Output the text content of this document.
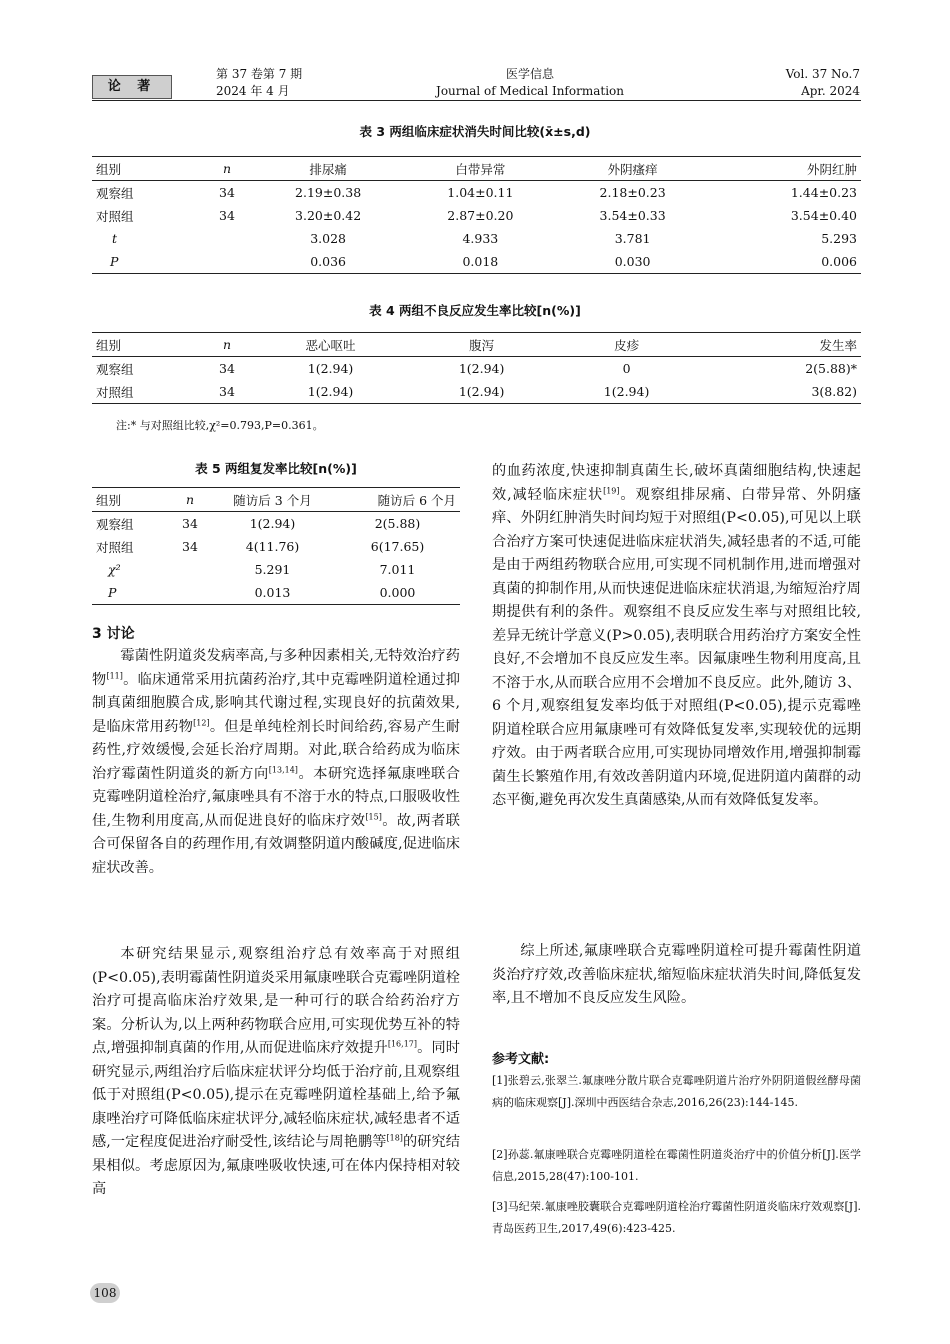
论 著
第 37 卷第 7 期
2024 年 4 月
医学信息
Journal of Medical Information
Vol. 37 No.7
Apr. 2024
表 3 两组临床症状消失时间比较(x̄±s,d)
组别	n	排尿痛	白带异常	外阴瘙痒	外阴红肿
观察组	34	2.19±0.38	1.04±0.11	2.18±0.23	1.44±0.23
对照组	34	3.20±0.42	2.87±0.20	3.54±0.33	3.54±0.40
t		3.028	4.933	3.781	5.293
P		0.036	0.018	0.030	0.006
表 4 两组不良反应发生率比较[n(%)]
组别	n	恶心呕吐	腹泻	皮疹	发生率
观察组	34	1(2.94)	1(2.94)	0	2(5.88)*
对照组	34	1(2.94)	1(2.94)	1(2.94)	3(8.82)
注:* 与对照组比较,χ²=0.793,P=0.361。
表 5 两组复发率比较[n(%)]
组别	n	随访后 3 个月	随访后 6 个月
观察组	34	1(2.94)	2(5.88)
对照组	34	4(11.76)	6(17.65)
χ²		5.291	7.011
P		0.013	0.000
3 讨论

霉菌性阴道炎发病率高,与多种因素相关,无特效治疗药物[11]。临床通常采用抗菌药治疗,其中克霉唑阴道栓通过抑制真菌细胞膜合成,影响其代谢过程,实现良好的抗菌效果,是临床常用药物[12]。但是单纯栓剂长时间给药,容易产生耐药性,疗效缓慢,会延长治疗周期。对此,联合给药成为临床治疗霉菌性阴道炎的新方向[13,14]。本研究选择氟康唑联合克霉唑阴道栓治疗,氟康唑具有不溶于水的特点,口服吸收性佳,生物利用度高,从而促进良好的临床疗效[15]。故,两者联合可保留各自的药理作用,有效调整阴道内酸碱度,促进临床症状改善。

本研究结果显示,观察组治疗总有效率高于对照组(P<0.05),表明霉菌性阴道炎采用氟康唑联合克霉唑阴道栓治疗可提高临床治疗效果,是一种可行的联合给药治疗方案。分析认为,以上两种药物联合应用,可实现优势互补的特点,增强抑制真菌的作用,从而促进临床疗效提升[16,17]。同时研究显示,两组治疗后临床症状评分均低于治疗前,且观察组低于对照组(P<0.05),提示在克霉唑阴道栓基础上,给予氟康唑治疗可降低临床症状评分,减轻临床症状,减轻患者不适感,一定程度促进治疗耐受性,该结论与周艳鹏等[18]的研究结果相似。考虑原因为,氟康唑吸收快速,可在体内保持相对较高

的血药浓度,快速抑制真菌生长,破坏真菌细胞结构,快速起效,减轻临床症状[19]。观察组排尿痛、白带异常、外阴瘙痒、外阴红肿消失时间均短于对照组(P<0.05),可见以上联合治疗方案可快速促进临床症状消失,减轻患者的不适,可能是由于两组药物联合应用,可实现不同机制作用,进而增强对真菌的抑制作用,从而快速促进临床症状消退,为缩短治疗周期提供有利的条件。观察组不良反应发生率与对照组比较,差异无统计学意义(P>0.05),表明联合用药治疗方案安全性良好,不会增加不良反应发生率。因氟康唑生物利用度高,且不溶于水,从而联合应用不会增加不良反应。此外,随访 3、6 个月,观察组复发率均低于对照组(P<0.05),提示克霉唑阴道栓联合应用氟康唑可有效降低复发率,实现较优的远期疗效。由于两者联合应用,可实现协同增效作用,增强抑制霉菌生长繁殖作用,有效改善阴道内环境,促进阴道内菌群的动态平衡,避免再次发生真菌感染,从而有效降低复发率。

综上所述,氟康唑联合克霉唑阴道栓可提升霉菌性阴道炎治疗疗效,改善临床症状,缩短临床症状消失时间,降低复发率,且不增加不良反应发生风险。

参考文献:

[1]张碧云,张翠兰.氟康唑分散片联合克霉唑阴道片治疗外阴阴道假丝酵母菌病的临床观察[J].深圳中西医结合杂志,2016,26(23):144-145.

[2]孙蕊.氟康唑联合克霉唑阴道栓在霉菌性阴道炎治疗中的价值分析[J].医学信息,2015,28(47):100-101.

[3]马纪荣.氟康唑胶囊联合克霉唑阴道栓治疗霉菌性阴道炎临床疗效观察[J].青岛医药卫生,2017,49(6):423-425.

108
